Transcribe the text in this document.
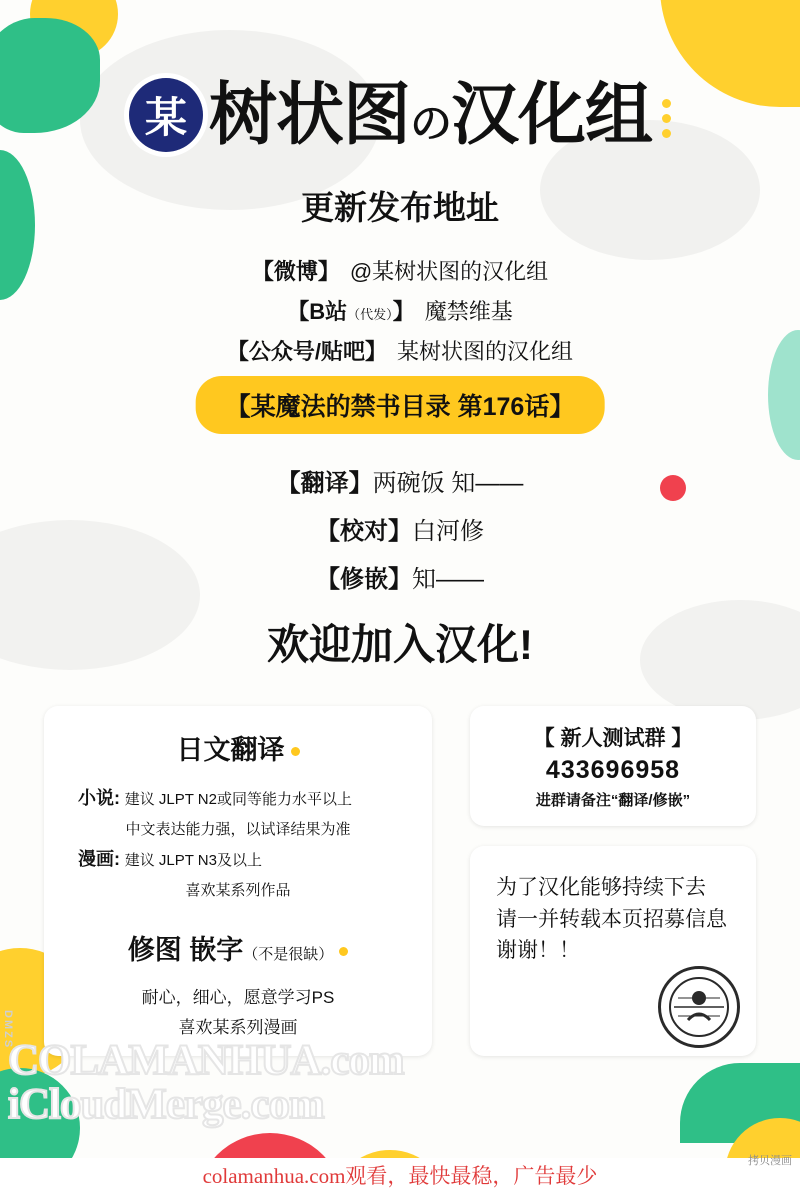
某 树状图の汉化组
更新发布地址
【微博】 @某树状图的汉化组
【B站（代发）】 魔禁维基
【公众号/贴吧】 某树状图的汉化组
【某魔法的禁书目录 第176话】
【翻译】两碗饭 知——
【校对】白河修
【修嵌】知——
欢迎加入汉化!
日文翻译
小说: 建议 JLPT N2或同等能力水平以上
中文表达能力强，以试译结果为准
漫画: 建议 JLPT N3及以上
喜欢某系列作品
修图 嵌字（不是很缺）
耐心，细心，愿意学习PS
喜欢某系列漫画
【 新人测试群 】
433696958
进群请备注“翻译/修嵌”
为了汉化能够持续下去
请一并转载本页招募信息
谢谢！！
DMZS
COLAMANHUA.com
iCloudMerge.com
拷贝漫画
colamanhua.com观看，最快最稳，广告最少
